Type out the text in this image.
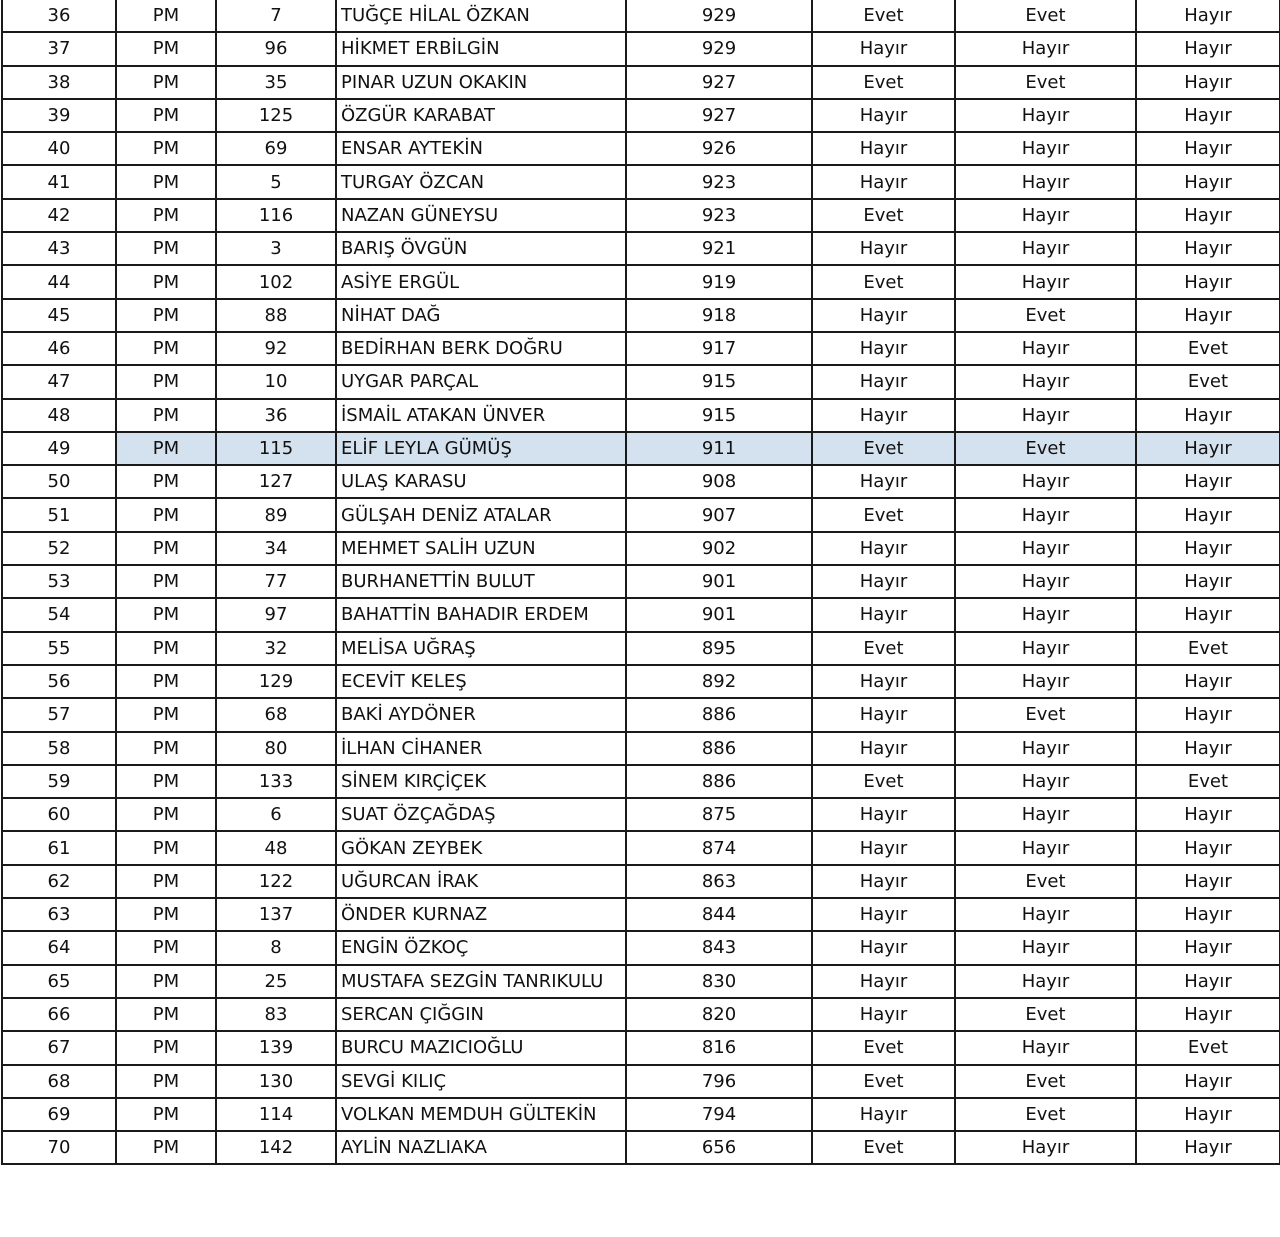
36	PM	7	TUĞÇE HİLAL ÖZKAN	929	Evet	Evet	Hayır
37	PM	96	HİKMET ERBİLGİN	929	Hayır	Hayır	Hayır
38	PM	35	PINAR UZUN OKAKIN	927	Evet	Evet	Hayır
39	PM	125	ÖZGÜR KARABAT	927	Hayır	Hayır	Hayır
40	PM	69	ENSAR AYTEKİN	926	Hayır	Hayır	Hayır
41	PM	5	TURGAY ÖZCAN	923	Hayır	Hayır	Hayır
42	PM	116	NAZAN GÜNEYSU	923	Evet	Hayır	Hayır
43	PM	3	BARIŞ ÖVGÜN	921	Hayır	Hayır	Hayır
44	PM	102	ASİYE ERGÜL	919	Evet	Hayır	Hayır
45	PM	88	NİHAT DAĞ	918	Hayır	Evet	Hayır
46	PM	92	BEDİRHAN BERK DOĞRU	917	Hayır	Hayır	Evet
47	PM	10	UYGAR PARÇAL	915	Hayır	Hayır	Evet
48	PM	36	İSMAİL ATAKAN ÜNVER	915	Hayır	Hayır	Hayır
49	PM	115	ELİF LEYLA GÜMÜŞ	911	Evet	Evet	Hayır
50	PM	127	ULAŞ KARASU	908	Hayır	Hayır	Hayır
51	PM	89	GÜLŞAH DENİZ ATALAR	907	Evet	Hayır	Hayır
52	PM	34	MEHMET SALİH UZUN	902	Hayır	Hayır	Hayır
53	PM	77	BURHANETTİN BULUT	901	Hayır	Hayır	Hayır
54	PM	97	BAHATTİN BAHADIR ERDEM	901	Hayır	Hayır	Hayır
55	PM	32	MELİSA UĞRAŞ	895	Evet	Hayır	Evet
56	PM	129	ECEVİT KELEŞ	892	Hayır	Hayır	Hayır
57	PM	68	BAKİ AYDÖNER	886	Hayır	Evet	Hayır
58	PM	80	İLHAN CİHANER	886	Hayır	Hayır	Hayır
59	PM	133	SİNEM KIRÇİÇEK	886	Evet	Hayır	Evet
60	PM	6	SUAT ÖZÇAĞDAŞ	875	Hayır	Hayır	Hayır
61	PM	48	GÖKAN ZEYBEK	874	Hayır	Hayır	Hayır
62	PM	122	UĞURCAN İRAK	863	Hayır	Evet	Hayır
63	PM	137	ÖNDER KURNAZ	844	Hayır	Hayır	Hayır
64	PM	8	ENGİN ÖZKOÇ	843	Hayır	Hayır	Hayır
65	PM	25	MUSTAFA SEZGİN TANRIKULU	830	Hayır	Hayır	Hayır
66	PM	83	SERCAN ÇIĞGIN	820	Hayır	Evet	Hayır
67	PM	139	BURCU MAZICIOĞLU	816	Evet	Hayır	Evet
68	PM	130	SEVGİ KILIÇ	796	Evet	Evet	Hayır
69	PM	114	VOLKAN MEMDUH GÜLTEKİN	794	Hayır	Evet	Hayır
70	PM	142	AYLİN NAZLIAKA	656	Evet	Hayır	Hayır
